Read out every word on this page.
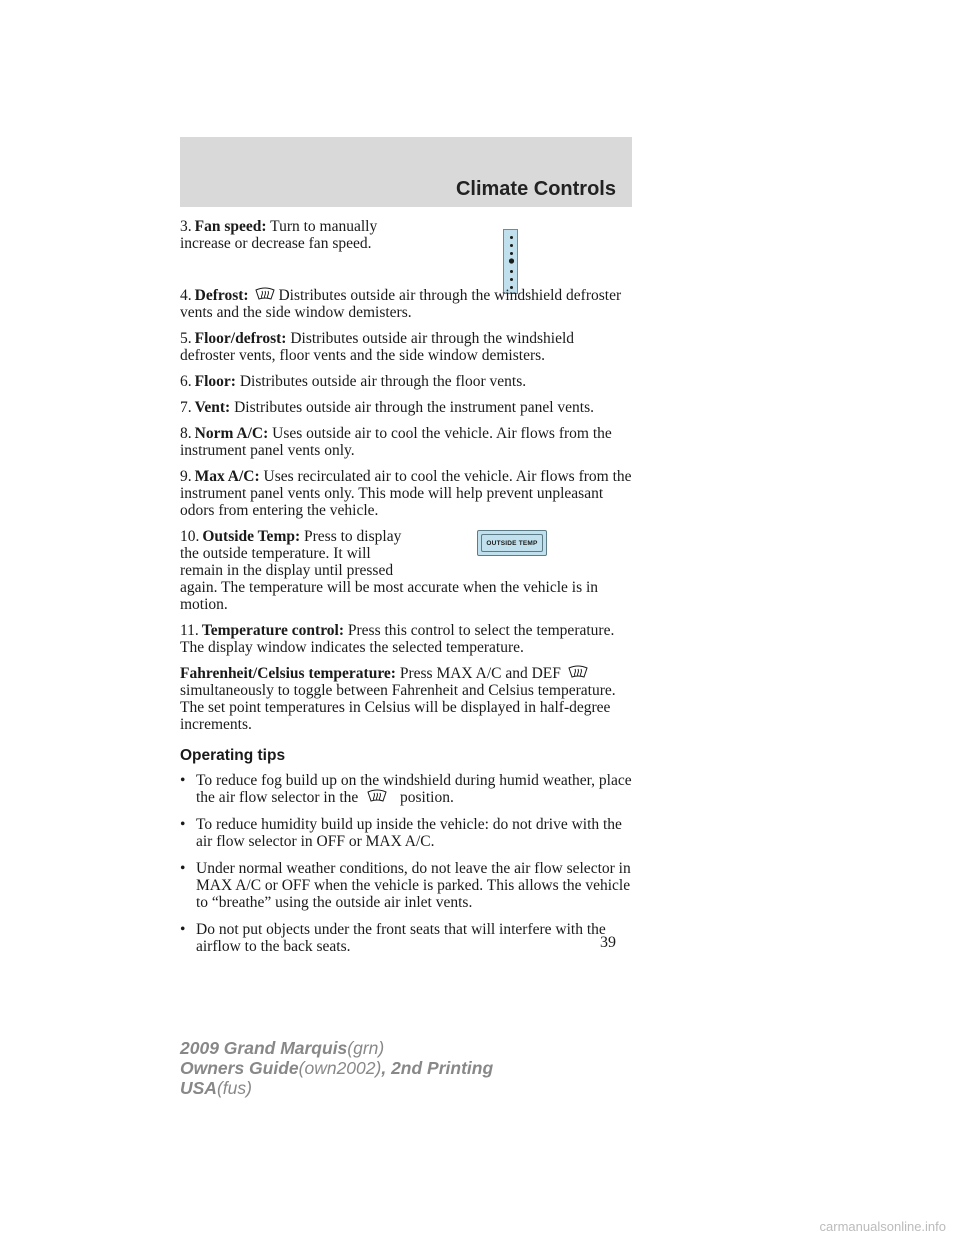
Climate Controls
OUTSIDE TEMP

3. Fan speed: Turn to manually increase or decrease fan speed.

4. Defrost: Distributes outside air through the windshield defroster vents and the side window demisters.

5. Floor/defrost: Distributes outside air through the windshield defroster vents, floor vents and the side window demisters.

6. Floor: Distributes outside air through the floor vents.

7. Vent: Distributes outside air through the instrument panel vents.

8. Norm A/C: Uses outside air to cool the vehicle. Air flows from the instrument panel vents only.

9. Max A/C: Uses recirculated air to cool the vehicle. Air flows from the instrument panel vents only. This mode will help prevent unpleasant odors from entering the vehicle.

10. Outside Temp: Press to display the outside temperature. It will remain in the display until pressed
again. The temperature will be most accurate when the vehicle is in motion.

11. Temperature control: Press this control to select the temperature. The display window indicates the selected temperature.

Fahrenheit/Celsius temperature: Press MAX A/C and DEF  simultaneously to toggle between Fahrenheit and Celsius temperature. The set point temperatures in Celsius will be displayed in half-degree increments.

Operating tips
• To reduce fog build up on the windshield during humid weather, place the air flow selector in the	position.
• To reduce humidity build up inside the vehicle: do not drive with the air flow selector in OFF or MAX A/C.
• Under normal weather conditions, do not leave the air flow selector in MAX A/C or OFF when the vehicle is parked. This allows the vehicle to “breathe” using the outside air inlet vents.
• Do not put objects under the front seats that will interfere with the airflow to the back seats.	39
2009 Grand Marquis(grn)
Owners Guide(own2002), 2nd Printing
USA(fus)
carmanualsonline.info
